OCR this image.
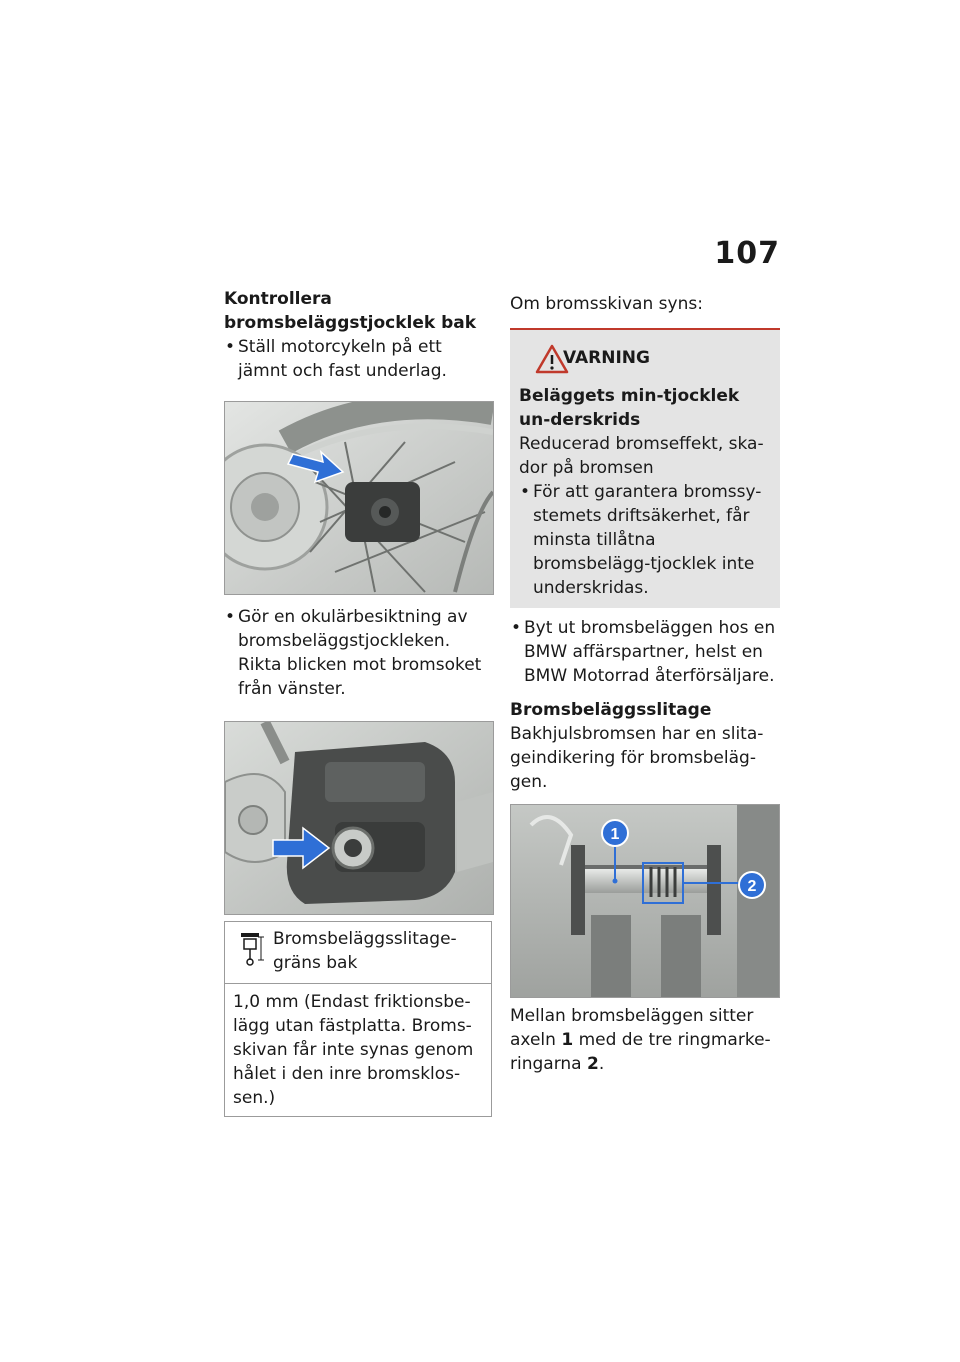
107

Kontrollera

bromsbeläggstjocklek bak

• Ställ motorcykeln på ett jämnt och fast underlag.
• Gör en okulärbesiktning av bromsbeläggstjockleken.

Rikta blicken mot bromsoket från vänster.

Bromsbeläggsslitage-gräns bak
1,0 mm (Endast friktionsbe-lägg utan fästplatta. Broms-skivan får inte synas genom hålet i den inre bromsklos-sen.)

Om bromsskivan syns:

VARNING

Beläggets min-tjocklek un-derskrids

Reducerad bromseffekt, ska-dor på bromsen

• För att garantera bromssy-stemets driftsäkerhet, får minsta tillåtna bromsbelägg-tjocklek inte underskridas.
• Byt ut bromsbeläggen hos en BMW affärspartner, helst en BMW Motorrad återförsäljare.

Bromsbeläggsslitage

Bakhjulsbromsen har en slita-geindikering för bromsbeläg-gen.

1
2

Mellan bromsbeläggen sitter axeln 1 med de tre ringmarke-ringarna 2.
